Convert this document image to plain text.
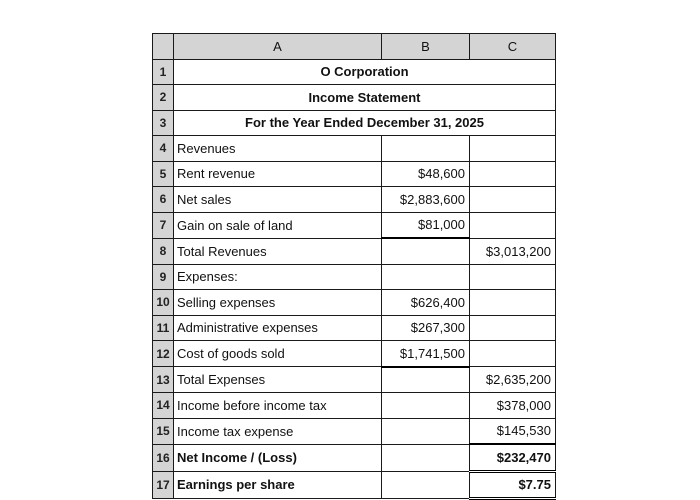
	A	B	C
1	O Corporation		
2	Income Statement		
3	For the Year Ended December 31, 2025		
4	Revenues		
5	Rent revenue	$48,600	
6	Net sales	$2,883,600	
7	Gain on sale of land	$81,000	
8	Total Revenues		$3,013,200
9	Expenses:		
10	Selling expenses	$626,400	
11	Administrative expenses	$267,300	
12	Cost of goods sold	$1,741,500	
13	Total Expenses		$2,635,200
14	Income before income tax		$378,000
15	Income tax expense		$145,530
16	Net Income / (Loss)		$232,470
17	Earnings per share		$7.75
